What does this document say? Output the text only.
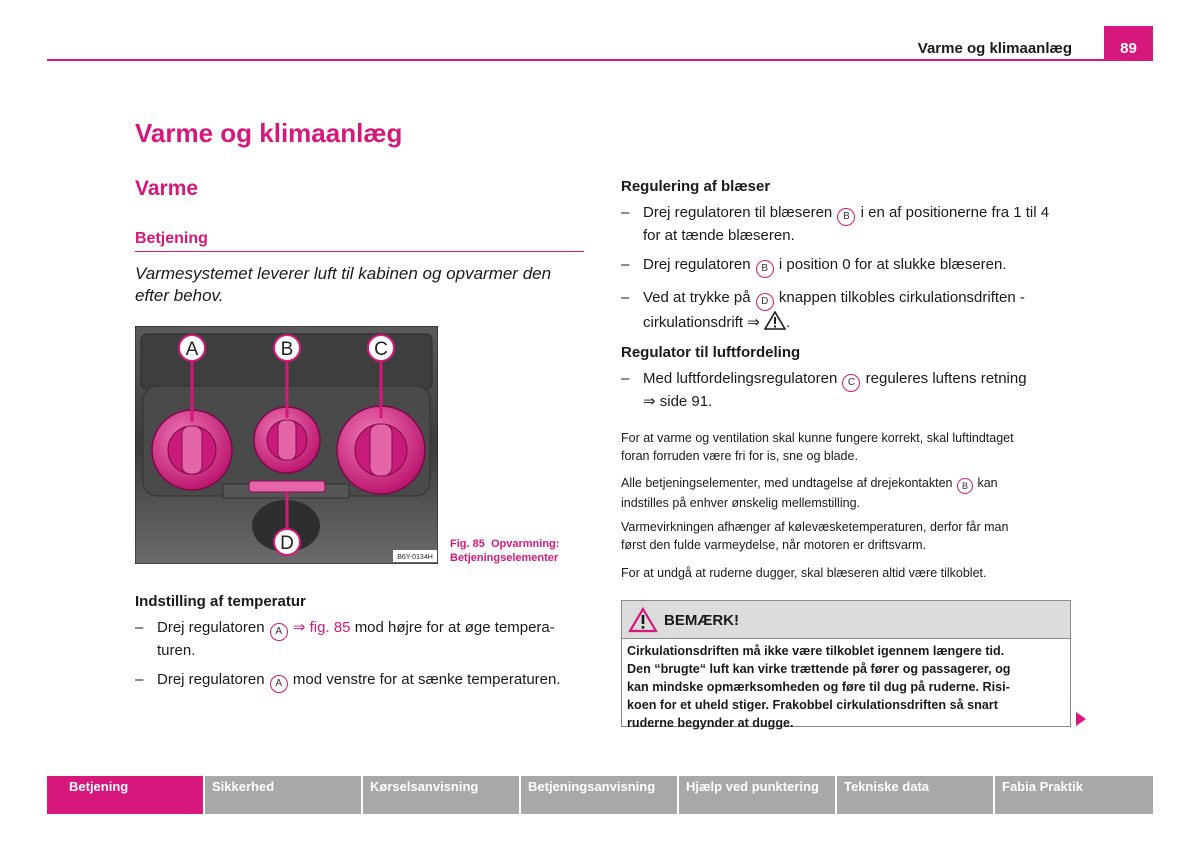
Varme og klimaanlæg	89
Varme og klimaanlæg
Varme
Betjening
Varmesystemet leverer luft til kabinen og opvarmer den efter behov.
A	B	C
D
B6Y-0134H
Fig. 85 Opvarmning:
Betjeningselementer
Indstilling af temperatur
– Drej regulatoren A ⇒ fig. 85 mod højre for at øge tempera-
turen.
– Drej regulatoren A mod venstre for at sænke temperaturen.
Regulering af blæser
– Drej regulatoren til blæseren B i en af positionerne fra 1 til 4
for at tænde blæseren.
– Drej regulatoren B i position 0 for at slukke blæseren.
– Ved at trykke på D knappen tilkobles cirkulationsdriften -
cirkulationsdrift ⇒ .
Regulator til luftfordeling
– Med luftfordelingsregulatoren C reguleres luftens retning
⇒ side 91.
For at varme og ventilation skal kunne fungere korrekt, skal luftindtaget
foran forruden være fri for is, sne og blade.
Alle betjeningselementer, med undtagelse af drejekontakten B kan
indstilles på enhver ønskelig mellemstilling.
Varmevirkningen afhænger af kølevæsketemperaturen, derfor får man
først den fulde varmeydelse, når motoren er driftsvarm.
For at undgå at ruderne dugger, skal blæseren altid være tilkoblet.
BEMÆRK!
Cirkulationsdriften må ikke være tilkoblet igennem længere tid.
Den “brugte“ luft kan virke trættende på fører og passagerer, og
kan mindske opmærksomheden og føre til dug på ruderne. Risi-
koen for et uheld stiger. Frakobbel cirkulationsdriften så snart
ruderne begynder at dugge.
Betjening	Sikkerhed	Kørselsanvisning	Betjeningsanvisning	Hjælp ved punktering	Tekniske data	Fabia Praktik
